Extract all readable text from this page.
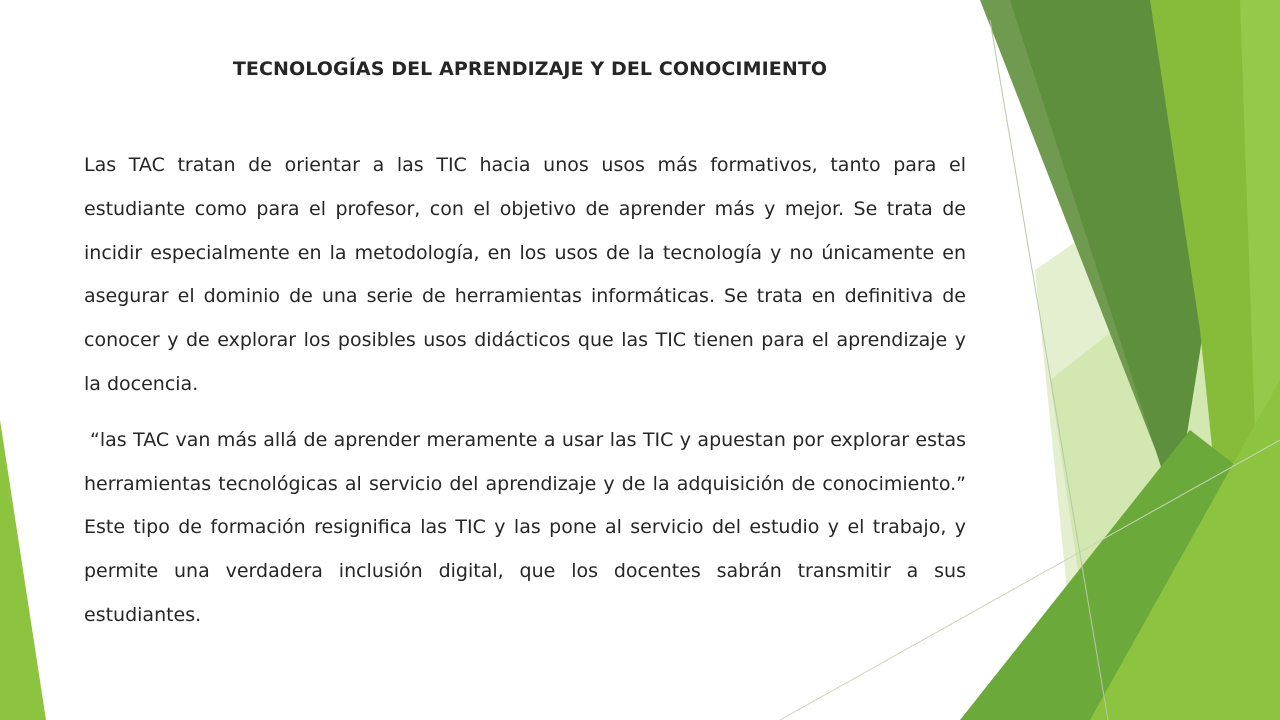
TECNOLOGÍAS DEL APRENDIZAJE Y DEL CONOCIMIENTO

Las TAC tratan de orientar a las TIC hacia unos usos más formativos, tanto para el estudiante como para el profesor, con el objetivo de aprender más y mejor. Se trata de incidir especialmente en la metodología, en los usos de la tecnología y no únicamente en asegurar el dominio de una serie de herramientas informáticas. Se trata en definitiva de conocer y de explorar los posibles usos didácticos que las TIC tienen para el aprendizaje y la docencia.

“las TAC van más allá de aprender meramente a usar las TIC y apuestan por explorar estas herramientas tecnológicas al servicio del aprendizaje y de la adquisición de conocimiento.” Este tipo de formación resignifica las TIC y las pone al servicio del estudio y el trabajo, y permite una verdadera inclusión digital, que los docentes sabrán transmitir a sus estudiantes.
